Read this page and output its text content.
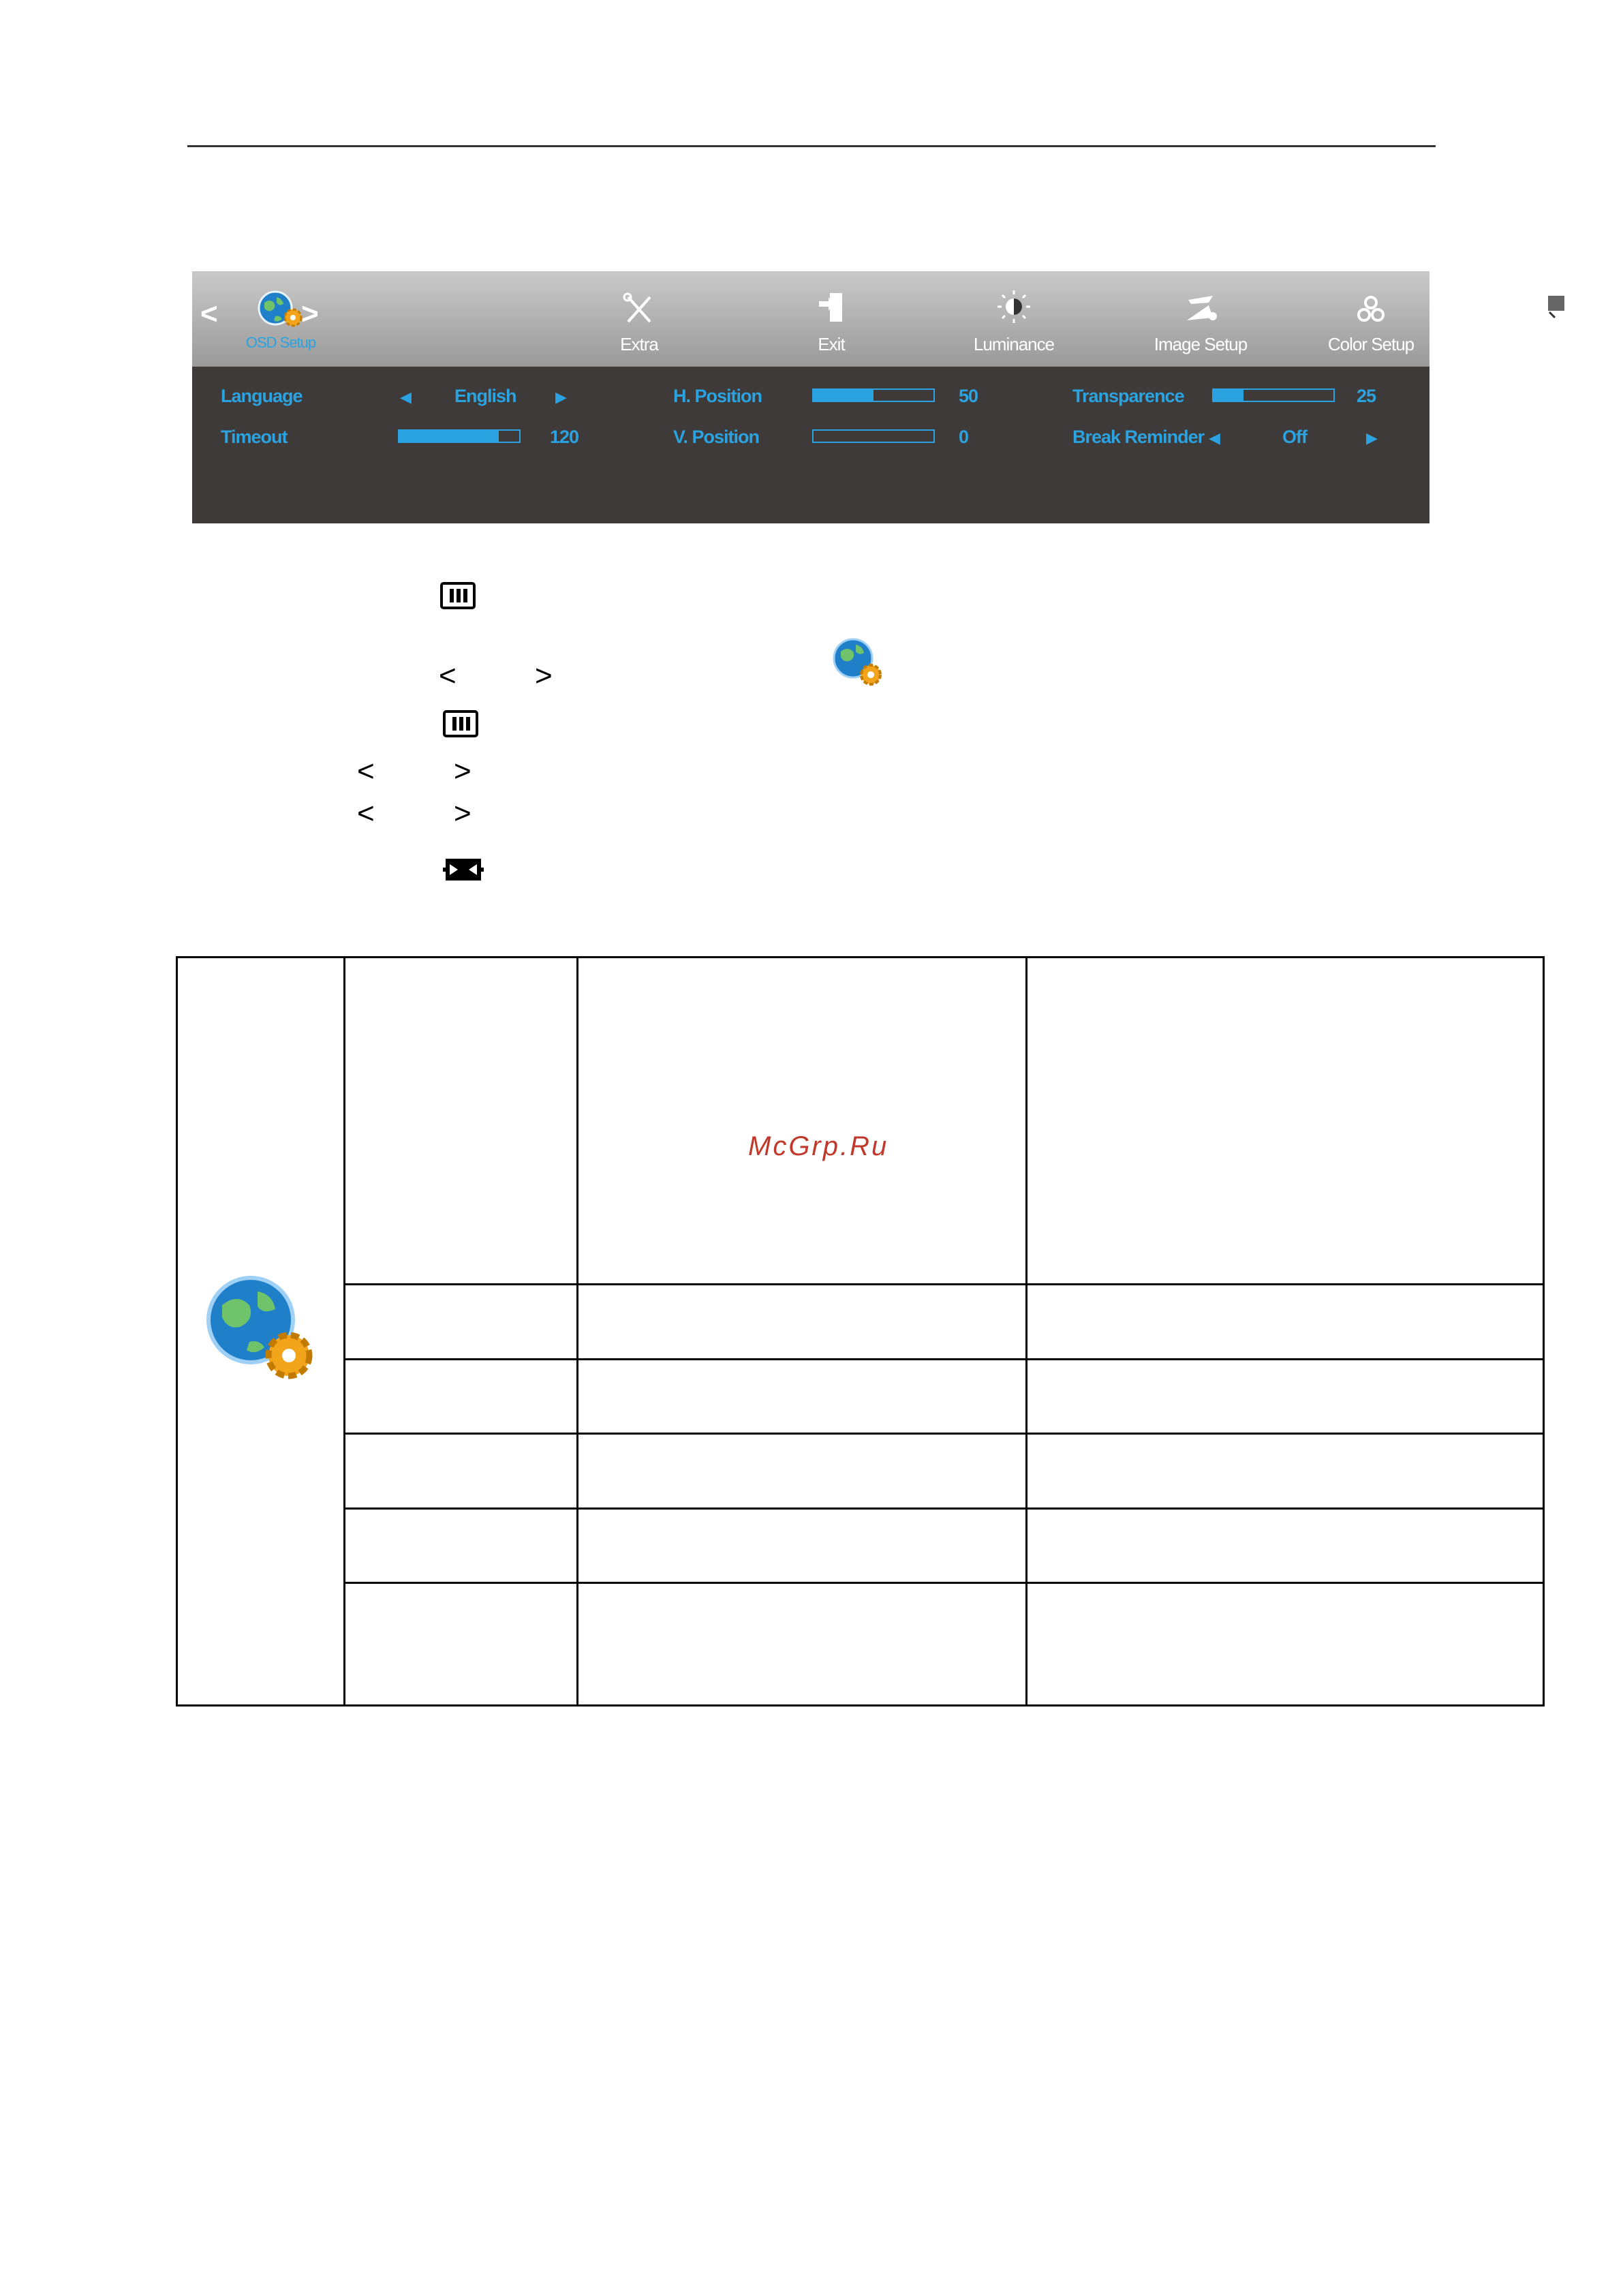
<	>
OSD Setup	Extra	Exit	Luminance	Image Setup	Color Setup	Picture Boost
Language	◀ English	▶	H. Position	50	Transparence	25
Timeout	120	V. Position	0	Break Reminder ◀	Off	▶
<	>
<	>
<	>
McGrp.Ru
